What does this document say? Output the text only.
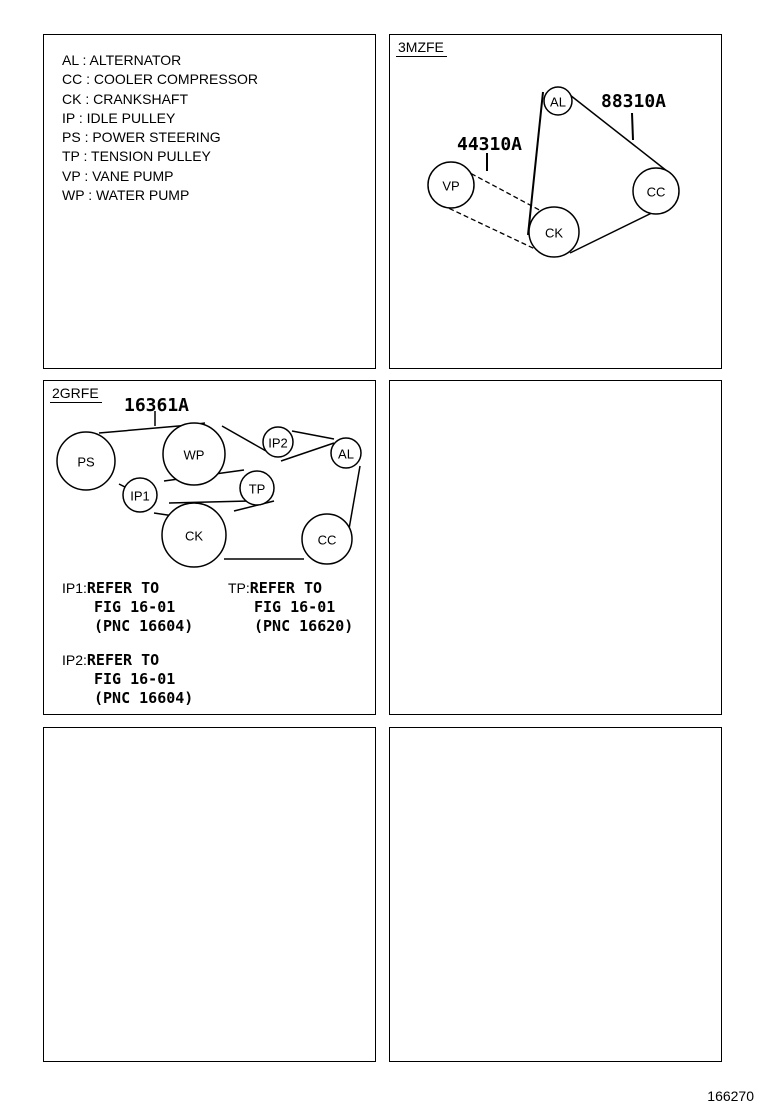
AL : ALTERNATOR
CC : COOLER COMPRESSOR
CK : CRANKSHAFT
IP : IDLE PULLEY
PS : POWER STEERING
TP : TENSION PULLEY
VP : VANE PUMP
WP : WATER PUMP
3MZFE
AL
CC
VP
CK
88310A
44310A
2GRFE
PS	WP
IP2
AL
IP1	TP
CK	CC
16361A
IP1:REFER TO
FIG 16-01
(PNC 16604)
TP:REFER TO
FIG 16-01
(PNC 16620)
IP2:REFER TO
FIG 16-01
(PNC 16604)
166270
